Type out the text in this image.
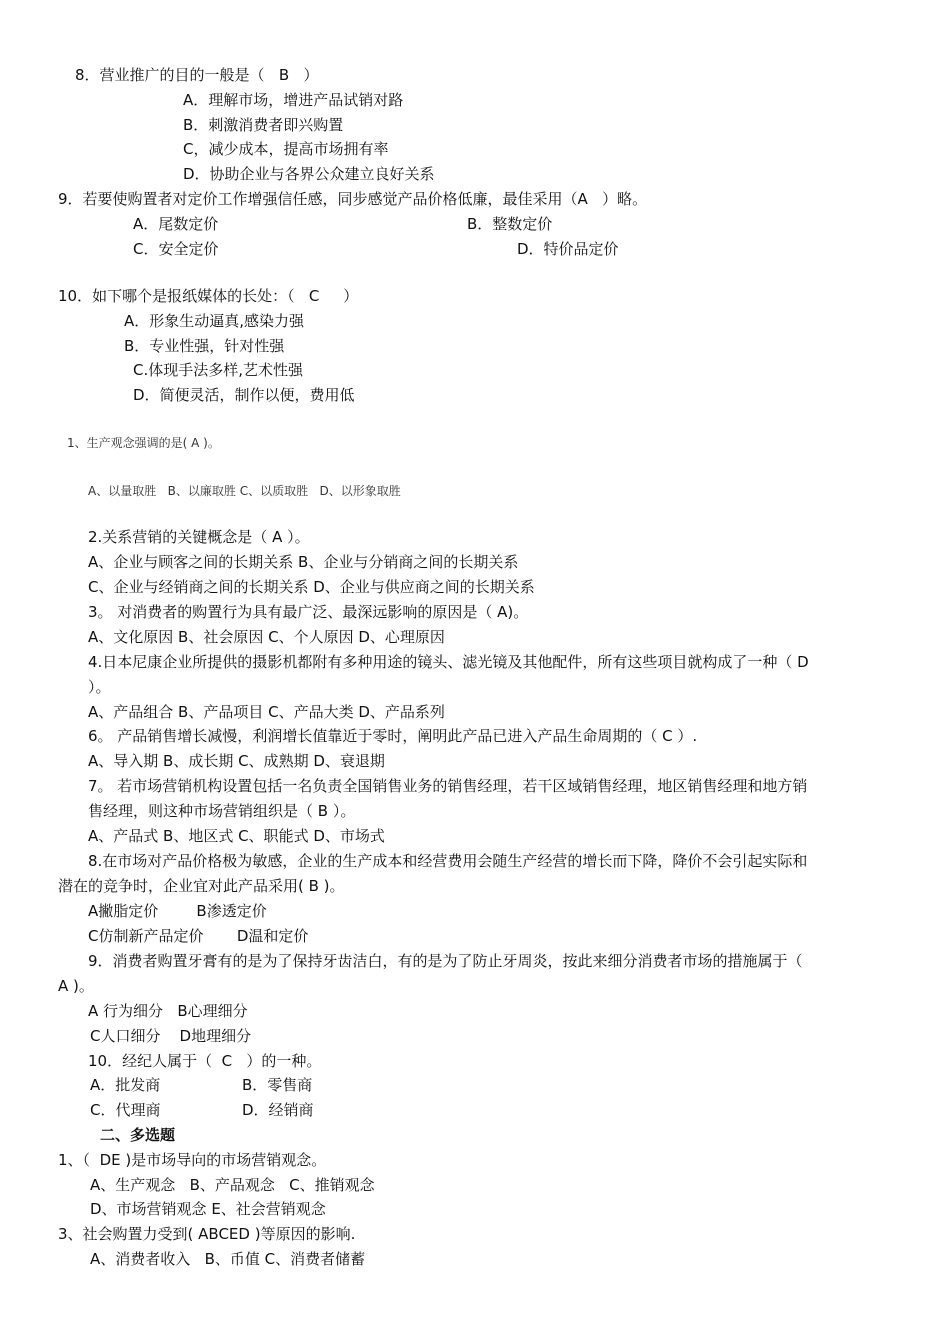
8．营业推广的目的一般是（   B   ）
A．理解市场，增进产品试销对路
B．刺激消费者即兴购置
C，减少成本，提高市场拥有率
D．协助企业与各界公众建立良好关系
9．若要使购置者对定价工作增强信任感，同步感觉产品价格低廉，最佳采用（A   ）略。
A．尾数定价	B．整数定价
C．安全定价	D．特价品定价
10．如下哪个是报纸媒体的长处：（   C     ）
A．形象生动逼真,感染力强
B．专业性强，针对性强
C.体现手法多样,艺术性强
D．简便灵活，制作以便，费用低
1、生产观念强调的是( A )。
A、以量取胜   B、以廉取胜 C、以质取胜   D、以形象取胜
2.关系营销的关键概念是（ A ）。
A、企业与顾客之间的长期关系 B、企业与分销商之间的长期关系
C、企业与经销商之间的长期关系 D、企业与供应商之间的长期关系
3。 对消费者的购置行为具有最广泛、最深远影响的原因是（ A)。
A、文化原因 B、社会原因 C、个人原因 D、心理原因
4.日本尼康企业所提供的摄影机都附有多种用途的镜头、滤光镜及其他配件，所有这些项目就构成了一种（ D
）。
A、产品组合 B、产品项目 C、产品大类 D、产品系列
6。 产品销售增长减慢，利润增长值靠近于零时，阐明此产品已进入产品生命周期的（ C ）.
A、导入期 B、成长期 C、成熟期 D、衰退期
7。 若市场营销机构设置包括一名负责全国销售业务的销售经理，若干区域销售经理，地区销售经理和地方销
售经理，则这种市场营销组织是（ B ）。
A、产品式 B、地区式 C、职能式 D、市场式
8.在市场对产品价格极为敏感，企业的生产成本和经营费用会随生产经营的增长而下降，降价不会引起实际和
潜在的竞争时，企业宜对此产品采用( B )。
A撇脂定价        B渗透定价
C仿制新产品定价       D温和定价
9．消费者购置牙膏有的是为了保持牙齿洁白，有的是为了防止牙周炎，按此来细分消费者市场的措施属于（
A )。
A 行为细分   B心理细分
C人口细分    D地理细分
10．经纪人属于（  C   ）的一种。
A．批发商	B．零售商
C．代理商	D．经销商
二、多选题
1、（  DE )是市场导向的市场营销观念。
A、生产观念   B、产品观念   C、推销观念
D、市场营销观念 E、社会营销观念
3、社会购置力受到( ABCED )等原因的影响.
A、消费者收入   B、币值 C、消费者储蓄
